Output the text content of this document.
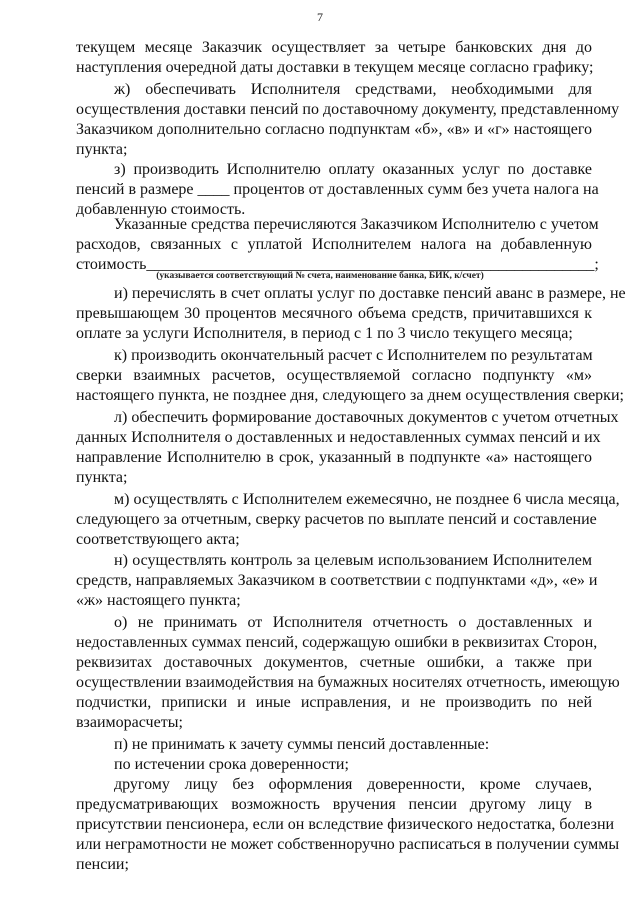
7
текущем месяце Заказчик осуществляет за четыре банковских дня до
наступления очередной даты доставки в текущем месяце согласно графику;
ж) обеспечивать Исполнителя средствами, необходимыми для
осуществления доставки пенсий по доставочному документу, представленному
Заказчиком дополнительно согласно подпунктам «б», «в» и «г» настоящего
пункта;
з) производить Исполнителю оплату оказанных услуг по доставке
пенсий в размере ____ процентов от доставленных сумм без учета налога на
добавленную стоимость.
Указанные средства перечисляются Заказчиком Исполнителю с учетом
расходов, связанных с уплатой Исполнителем налога на добавленную
стоимость________________________________________________________;
(указывается соответствующий № счета, наименование банка, БИК, к/счет)
и) перечислять в счет оплаты услуг по доставке пенсий аванс в размере, не
превышающем 30 процентов месячного объема средств, причитавшихся к
оплате за услуги Исполнителя, в период с 1 по 3 число текущего месяца;
к) производить окончательный расчет с Исполнителем по результатам
сверки взаимных расчетов, осуществляемой согласно подпункту «м»
настоящего пункта, не позднее дня, следующего за днем осуществления сверки;
л) обеспечить формирование доставочных документов с учетом отчетных
данных Исполнителя о доставленных и недоставленных суммах пенсий и их
направление Исполнителю в срок, указанный в подпункте «а» настоящего
пункта;
м) осуществлять с Исполнителем ежемесячно, не позднее 6 числа месяца,
следующего за отчетным, сверку расчетов по выплате пенсий и составление
соответствующего акта;
н) осуществлять контроль за целевым использованием Исполнителем
средств, направляемых Заказчиком в соответствии с подпунктами «д», «е» и
«ж» настоящего пункта;
о) не принимать от Исполнителя отчетность о доставленных и
недоставленных суммах пенсий, содержащую ошибки в реквизитах Сторон,
реквизитах доставочных документов, счетные ошибки, а также при
осуществлении взаимодействия на бумажных носителях отчетность, имеющую
подчистки, приписки и иные исправления, и не производить по ней
взаиморасчеты;
п) не принимать к зачету суммы пенсий доставленные:
по истечении срока доверенности;
другому лицу без оформления доверенности, кроме случаев,
предусматривающих возможность вручения пенсии другому лицу в
присутствии пенсионера, если он вследствие физического недостатка, болезни
или неграмотности не может собственноручно расписаться в получении суммы
пенсии;
